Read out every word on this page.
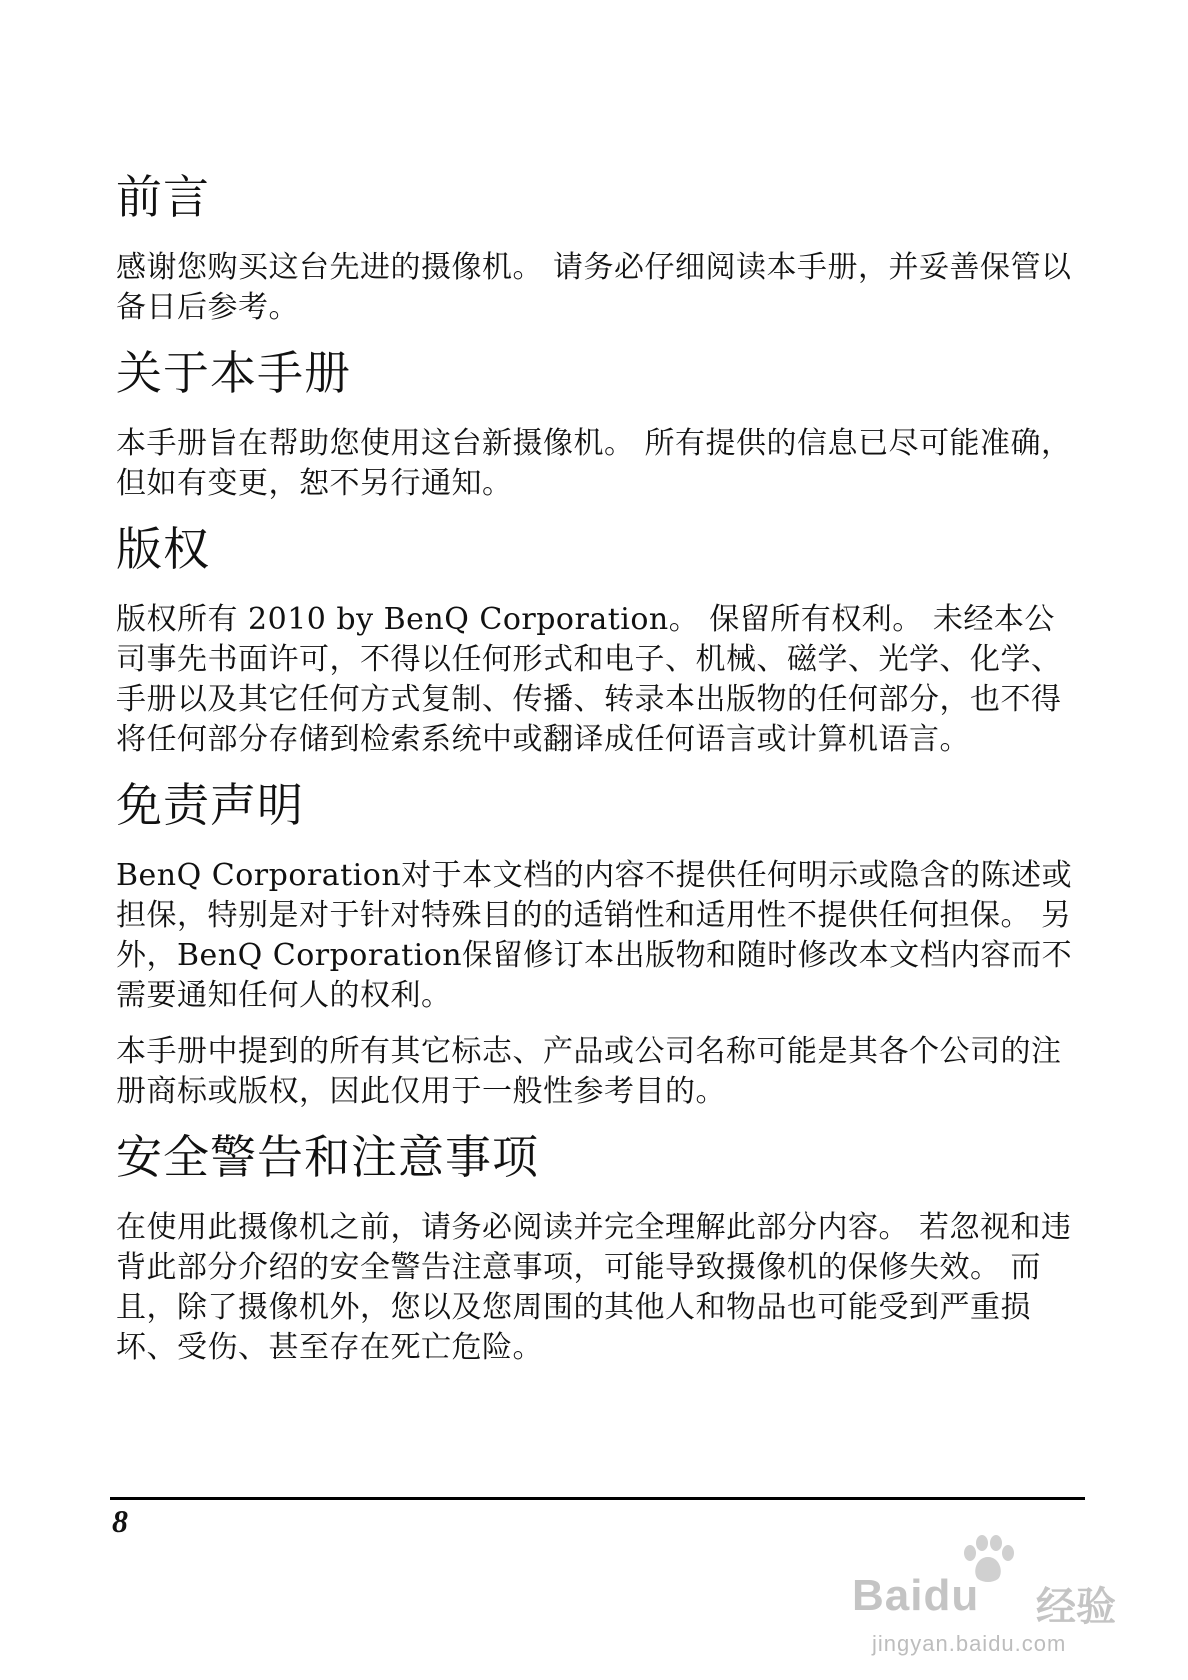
前言

感谢您购买这台先进的摄像机。 请务必仔细阅读本手册，并妥善保管以备日后参考。

关于本手册

本手册旨在帮助您使用这台新摄像机。 所有提供的信息已尽可能准确，但如有变更，恕不另行通知。

版权

版权所有 2010 by BenQ Corporation。 保留所有权利。 未经本公司事先书面许可，不得以任何形式和电子、机械、磁学、光学、化学、手册以及其它任何方式复制、传播、转录本出版物的任何部分，也不得将任何部分存储到检索系统中或翻译成任何语言或计算机语言。

免责声明

BenQ Corporation对于本文档的内容不提供任何明示或隐含的陈述或担保，特别是对于针对特殊目的的适销性和适用性不提供任何担保。 另外，BenQ Corporation保留修订本出版物和随时修改本文档内容而不需要通知任何人的权利。

本手册中提到的所有其它标志、产品或公司名称可能是其各个公司的注册商标或版权，因此仅用于一般性参考目的。

安全警告和注意事项

在使用此摄像机之前，请务必阅读并完全理解此部分内容。 若忽视和违背此部分介绍的安全警告注意事项，可能导致摄像机的保修失效。 而且，除了摄像机外，您以及您周围的其他人和物品也可能受到严重损坏、受伤、甚至存在死亡危险。

8
Baidu 经验
jingyan.baidu.com
